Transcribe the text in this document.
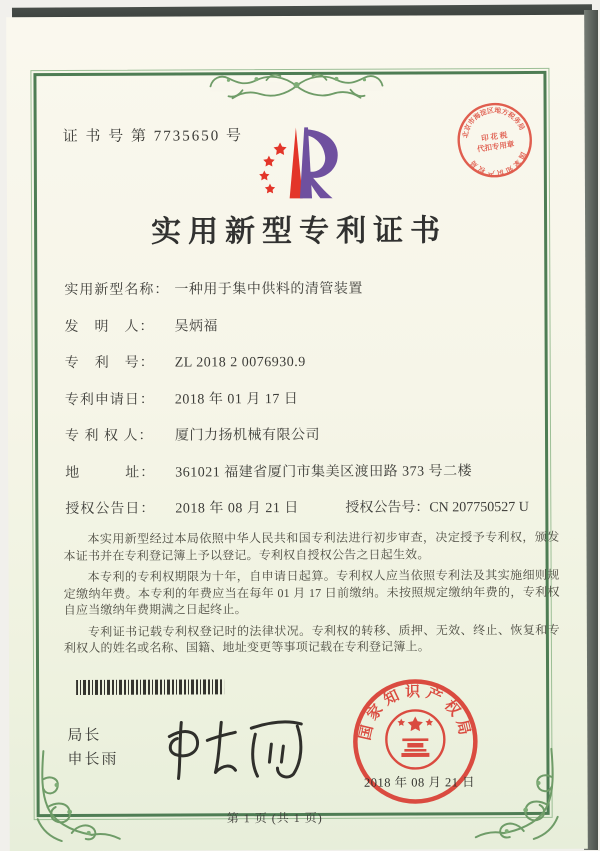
证 书 号 第 7735650 号
实用新型专利证书
实用新型名称： 一种用于集中供料的清管装置
发　明　人： 吴炳福
专　利　号： ZL 2018 2 0076930.9
专利申请日： 2018 年 01 月 17 日
专 利 权 人： 厦门力扬机械有限公司
地　　　址： 361021 福建省厦门市集美区渡田路 373 号二楼
授权公告日： 2018 年 08 月 21 日	授权公告号：CN 207750527 U

本实用新型经过本局依照中华人民共和国专利法进行初步审查，决定授予专利权，颁发本证书并在专利登记簿上予以登记。专利权自授权公告之日起生效。

本专利的专利权期限为十年，自申请日起算。专利权人应当依照专利法及其实施细则规定缴纳年费。本专利的年费应当在每年 01 月 17 日前缴纳。未按照规定缴纳年费的，专利权自应当缴纳年费期满之日起终止。

专利证书记载专利权登记时的法律状况。专利权的转移、质押、无效、终止、恢复和专利权人的姓名或名称、国籍、地址变更等事项记载在专利登记簿上。

局长
申长雨
国家知识产权局
2018 年 08 月 21 日
北京市海淀区地方税务局
国家知识产权局
印 花 税
代扣专用章
第 1 页 (共 1 页)
